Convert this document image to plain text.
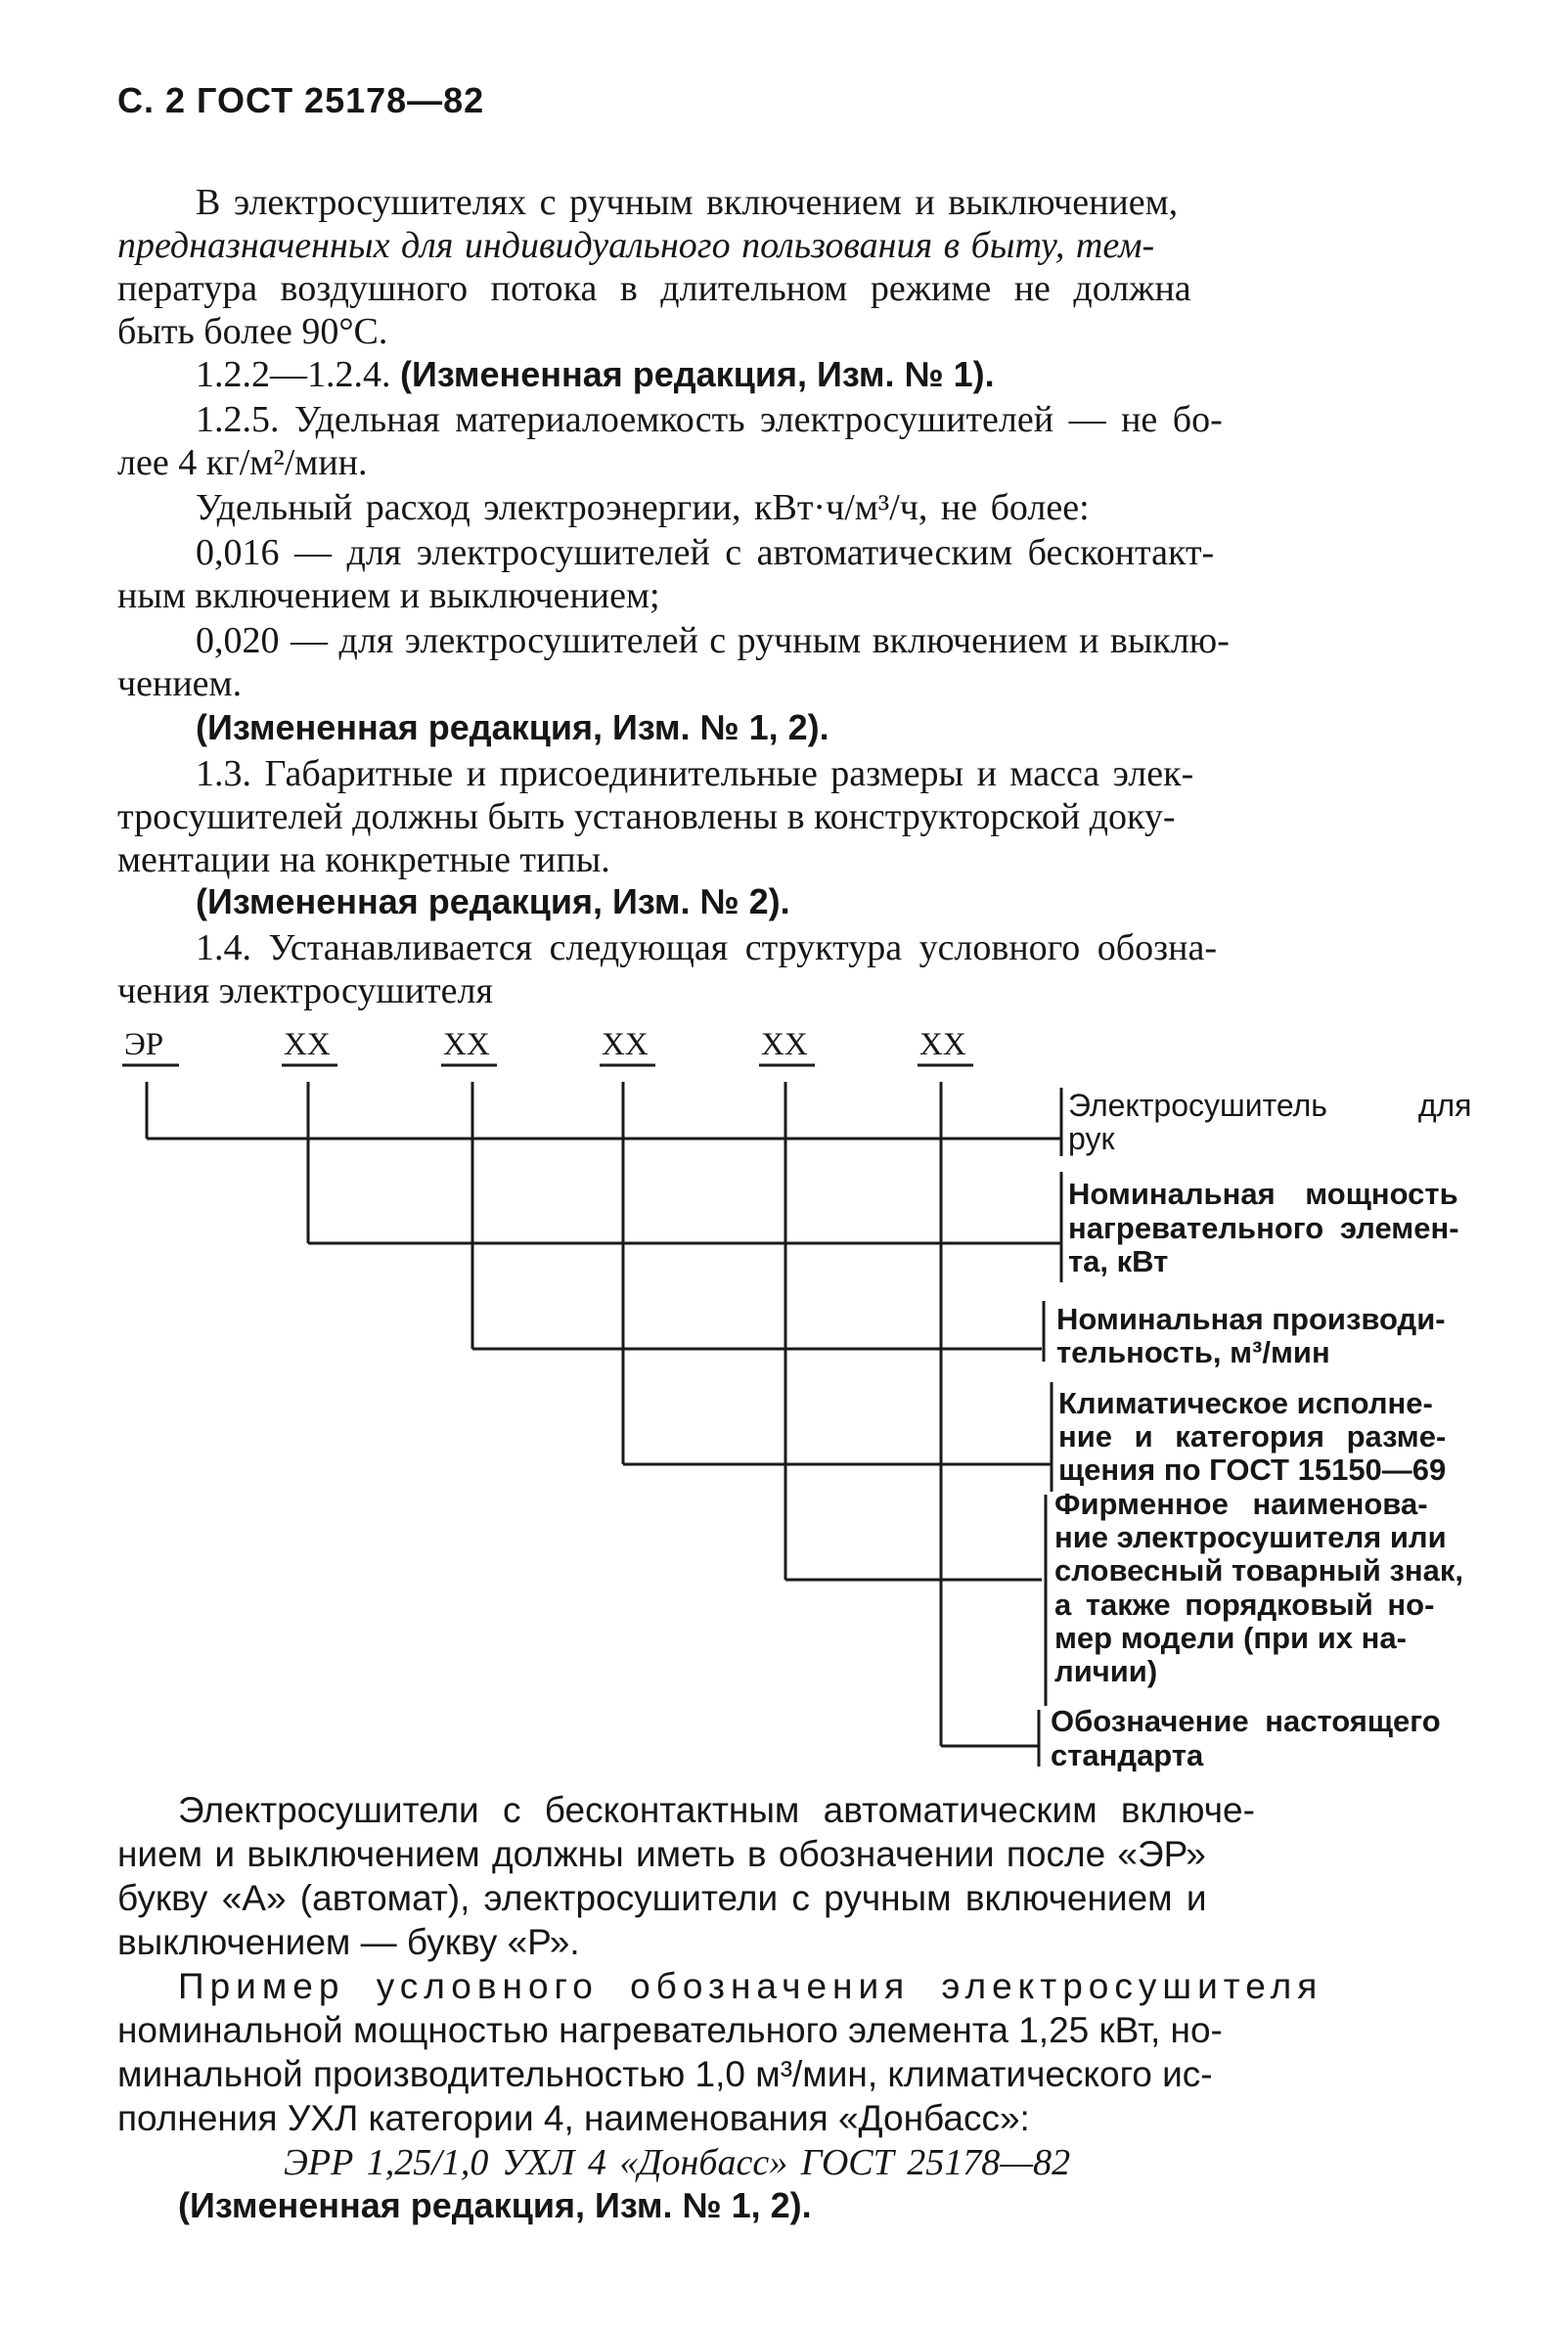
С. 2 ГОСТ 25178—82
В электросушителях с ручным включением и выключением,
предназначенных для индивидуального пользования в быту, тем-
пература воздушного потока в длительном режиме не должна
быть более 90°С.
1.2.2—1.2.4. (Измененная редакция, Изм. № 1).
1.2.5. Удельная материалоемкость электросушителей — не бо-
лее 4 кг/м²/мин.
Удельный расход электроэнергии, кВт·ч/м³/ч, не более:
0,016 — для электросушителей с автоматическим бесконтакт-
ным включением и выключением;
0,020 — для электросушителей с ручным включением и выклю-
чением.
(Измененная редакция, Изм. № 1, 2).
1.3. Габаритные и присоединительные размеры и масса элек-
тросушителей должны быть установлены в конструкторской доку-
ментации на конкретные типы.
(Измененная редакция, Изм. № 2).
1.4. Устанавливается следующая структура условного обозна-
чения электросушителя
ЭР	ХХ	ХХ	ХХ	ХХ	ХХ
Электросушитель для
рук
Номинальная мощность
нагревательного элемен-
та, кВт
Номинальная производи-
тельность, м³/мин
Климатическое исполне-
ние и категория разме-
щения по ГОСТ 15150—69
Фирменное наименова-
ние электросушителя или
словесный товарный знак,
а также порядковый но-
мер модели (при их на-
личии)
Обозначение настоящего
стандарта
Электросушители с бесконтактным автоматическим включе-
нием и выключением должны иметь в обозначении после «ЭР»
букву «А» (автомат), электросушители с ручным включением и
выключением — букву «Р».
Пример условного обозначения электросушителя
номинальной мощностью нагревательного элемента 1,25 кВт, но-
минальной производительностью 1,0 м³/мин, климатического ис-
полнения УХЛ категории 4, наименования «Донбасс»:
ЭРР 1,25/1,0 УХЛ 4 «Донбасс» ГОСТ 25178—82
(Измененная редакция, Изм. № 1, 2).
